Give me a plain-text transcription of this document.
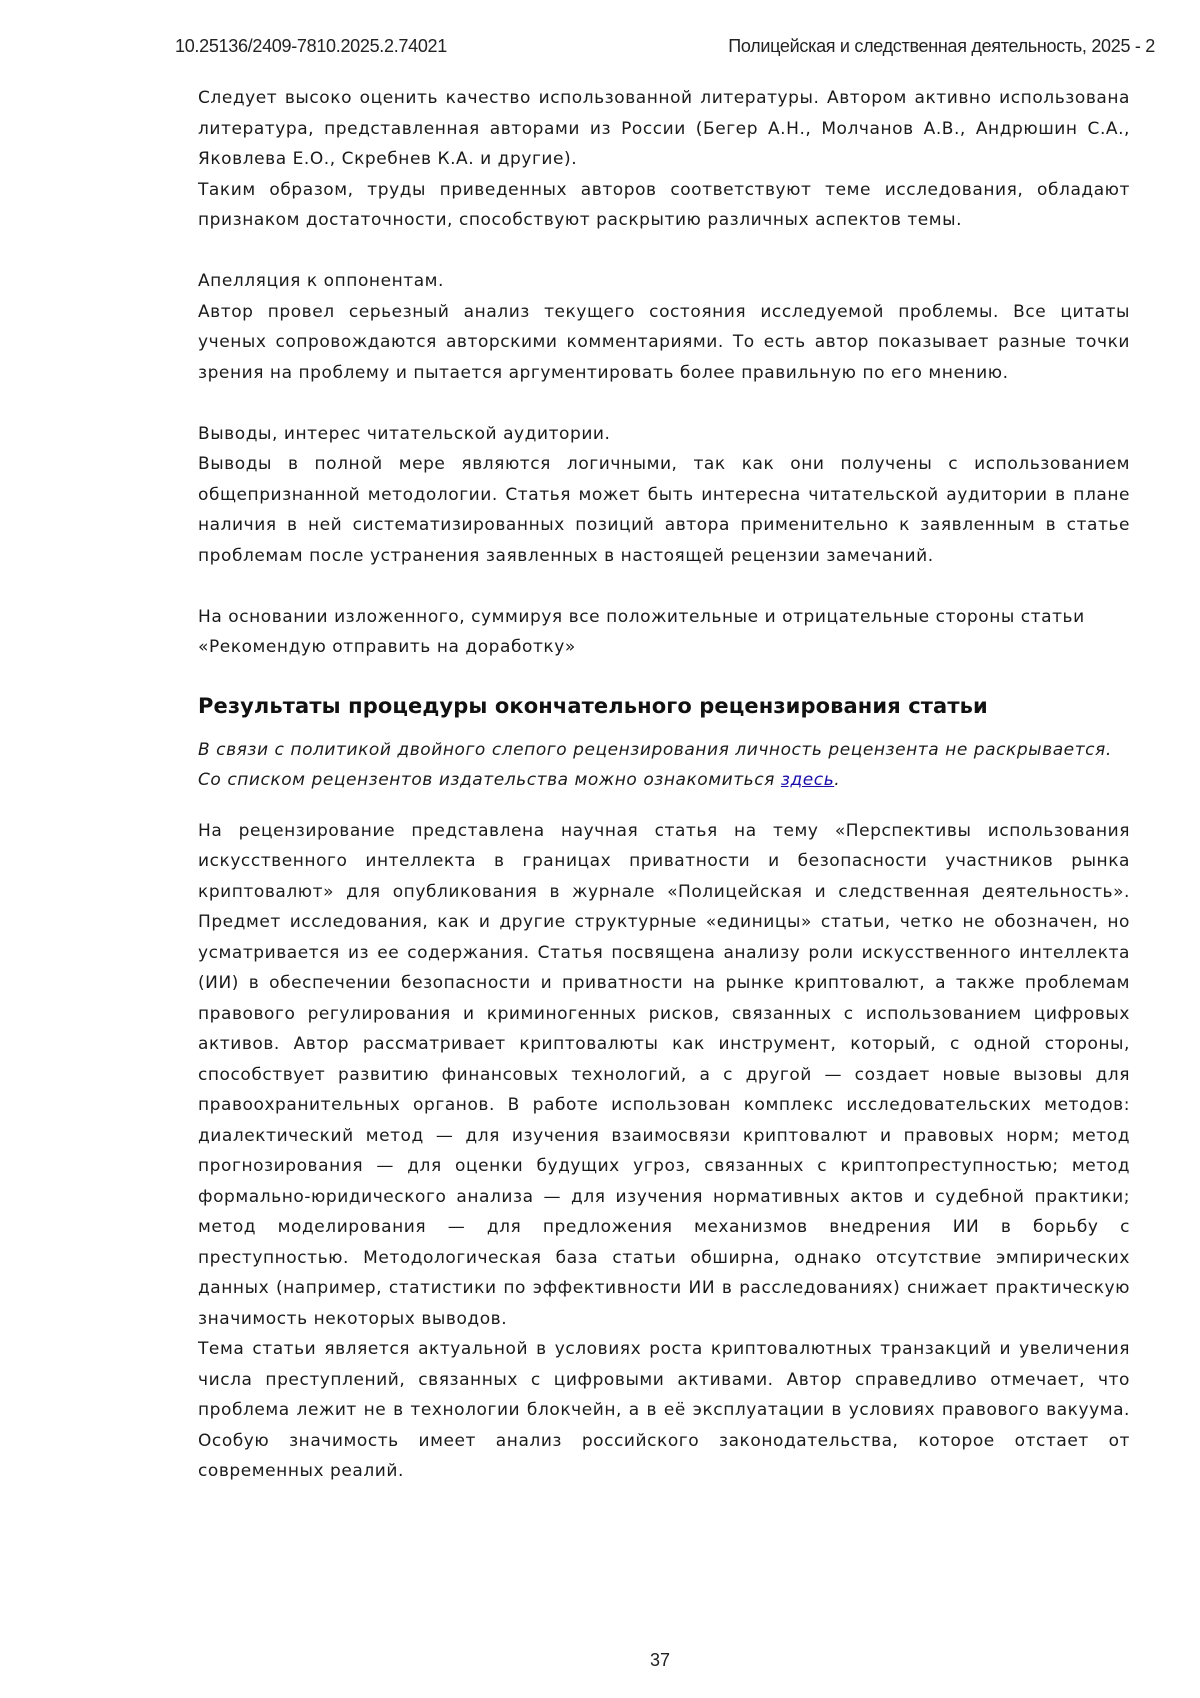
10.25136/2409-7810.2025.2.74021	Полицейская и следственная деятельность, 2025 - 2

Следует высоко оценить качество использованной литературы. Автором активно использована литература, представленная авторами из России (Бегер А.Н., Молчанов А.В., Андрюшин С.А., Яковлева Е.О., Скребнев К.А. и другие).

Таким образом, труды приведенных авторов соответствуют теме исследования, обладают признаком достаточности, способствуют раскрытию различных аспектов темы.

Апелляция к оппонентам.

Автор провел серьезный анализ текущего состояния исследуемой проблемы. Все цитаты ученых сопровождаются авторскими комментариями. То есть автор показывает разные точки зрения на проблему и пытается аргументировать более правильную по его мнению.

Выводы, интерес читательской аудитории.

Выводы в полной мере являются логичными, так как они получены с использованием общепризнанной методологии. Статья может быть интересна читательской аудитории в плане наличия в ней систематизированных позиций автора применительно к заявленным в статье проблемам после устранения заявленных в настоящей рецензии замечаний.

На основании изложенного, суммируя все положительные и отрицательные стороны статьи

«Рекомендую отправить на доработку»

Результаты процедуры окончательного рецензирования статьи

В связи с политикой двойного слепого рецензирования личность рецензента не раскрывается.

Со списком рецензентов издательства можно ознакомиться здесь.

На рецензирование представлена научная статья на тему «Перспективы использования искусственного интеллекта в границах приватности и безопасности участников рынка криптовалют» для опубликования в журнале «Полицейская и следственная деятельность». Предмет исследования, как и другие структурные «единицы» статьи, четко не обозначен, но усматривается из ее содержания. Статья посвящена анализу роли искусственного интеллекта (ИИ) в обеспечении безопасности и приватности на рынке криптовалют, а также проблемам правового регулирования и криминогенных рисков, связанных с использованием цифровых активов. Автор рассматривает криптовалюты как инструмент, который, с одной стороны, способствует развитию финансовых технологий, а с другой — создает новые вызовы для правоохранительных органов. В работе использован комплекс исследовательских методов: диалектический метод — для изучения взаимосвязи криптовалют и правовых норм; метод прогнозирования — для оценки будущих угроз, связанных с криптопреступностью; метод формально-юридического анализа — для изучения нормативных актов и судебной практики; метод моделирования — для предложения механизмов внедрения ИИ в борьбу с преступностью. Методологическая база статьи обширна, однако отсутствие эмпирических данных (например, статистики по эффективности ИИ в расследованиях) снижает практическую значимость некоторых выводов.

Тема статьи является актуальной в условиях роста криптовалютных транзакций и увеличения числа преступлений, связанных с цифровыми активами. Автор справедливо отмечает, что проблема лежит не в технологии блокчейн, а в её эксплуатации в условиях правового вакуума. Особую значимость имеет анализ российского законодательства, которое отстает от современных реалий.

37
